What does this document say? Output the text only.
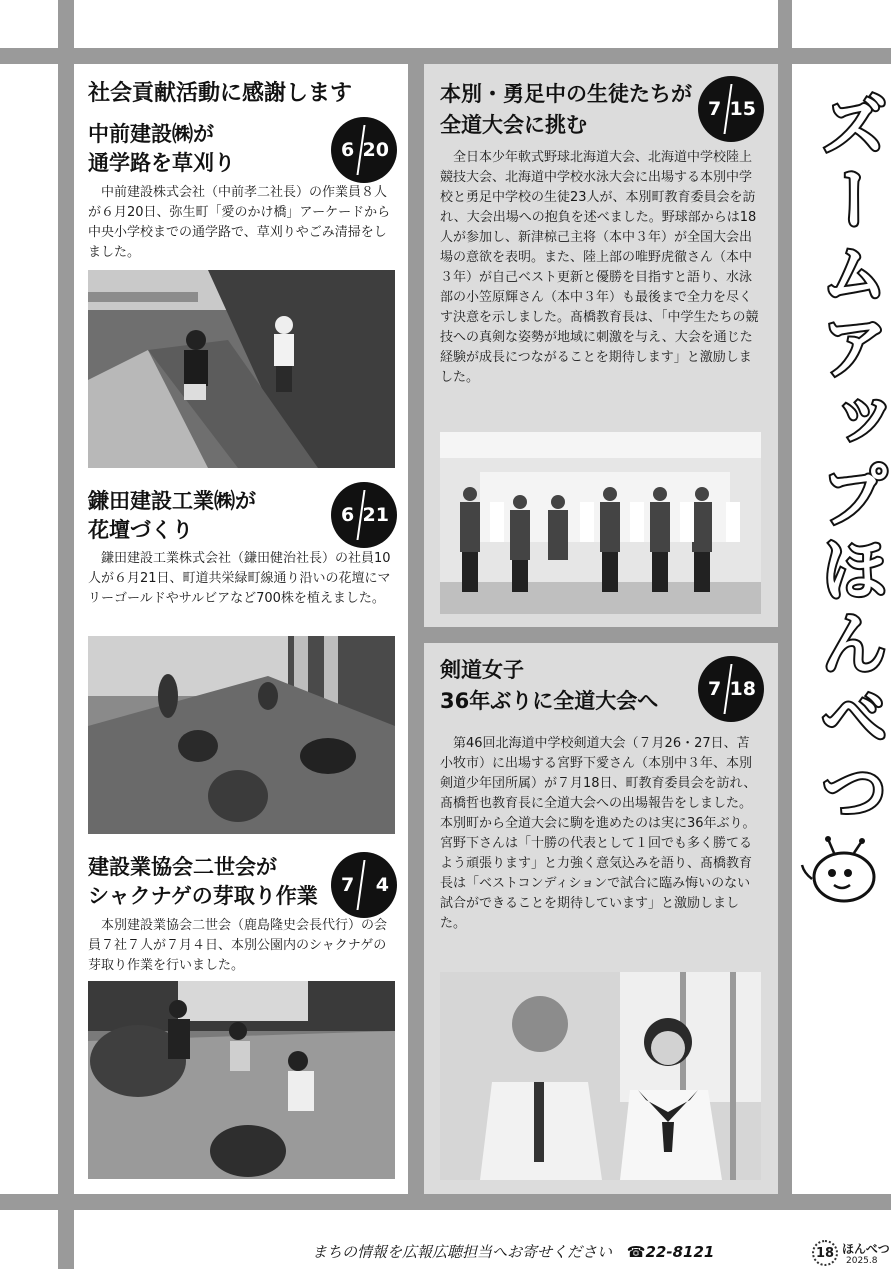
社会貢献活動に感謝します
中前建設㈱が
通学路を草刈り
6 20
中前建設株式会社（中前孝二社長）の作業員８人が６月20日、弥生町「愛のかけ橋」アーケードから中央小学校までの通学路で、草刈りやごみ清掃をしました。
鎌田建設工業㈱が
花壇づくり
6 21
鎌田建設工業株式会社（鎌田健治社長）の社員10人が６月21日、町道共栄緑町線通り沿いの花壇にマリーゴールドやサルビアなど700株を植えました。
建設業協会二世会が
シャクナゲの芽取り作業 7 4
本別建設業協会二世会（鹿島隆史会長代行）の会員７社７人が７月４日、本別公園内のシャクナゲの芽取り作業を行いました。
本別・勇足中の生徒たちが
全道大会に挑む
7 15
全日本少年軟式野球北海道大会、北海道中学校陸上競技大会、北海道中学校水泳大会に出場する本別中学校と勇足中学校の生徒23人が、本別町教育委員会を訪れ、大会出場への抱負を述べました。野球部からは18人が参加し、新津椋己主将（本中３年）が全国大会出場の意欲を表明。また、陸上部の唯野虎徹さん（本中３年）が自己ベスト更新と優勝を目指すと語り、水泳部の小笠原輝さん（本中３年）も最後まで全力を尽くす決意を示しました。髙橋教育長は、「中学生たちの競技への真剣な姿勢が地域に刺激を与え、大会を通じた経験が成長につながることを期待します」と激励しました。
剣道女子
36年ぶりに全道大会へ	7 18
第46回北海道中学校剣道大会（７月26・27日、苫小牧市）に出場する宮野下愛さん（本別中３年、本別剣道少年団所属）が７月18日、町教育委員会を訪れ、髙橋哲也教育長に全道大会への出場報告をしました。本別町から全道大会に駒を進めたのは実に36年ぶり。宮野下さんは「十勝の代表として１回でも多く勝てるよう頑張ります」と力強く意気込みを語り、髙橋教育長は「ベストコンディションで試合に臨み悔いのない試合ができることを期待しています」と激励しました。
ズームアップほんべつ
まちの情報を広報広聴担当へお寄せください ☎22-8121	18 ほんべつ
2025.8
